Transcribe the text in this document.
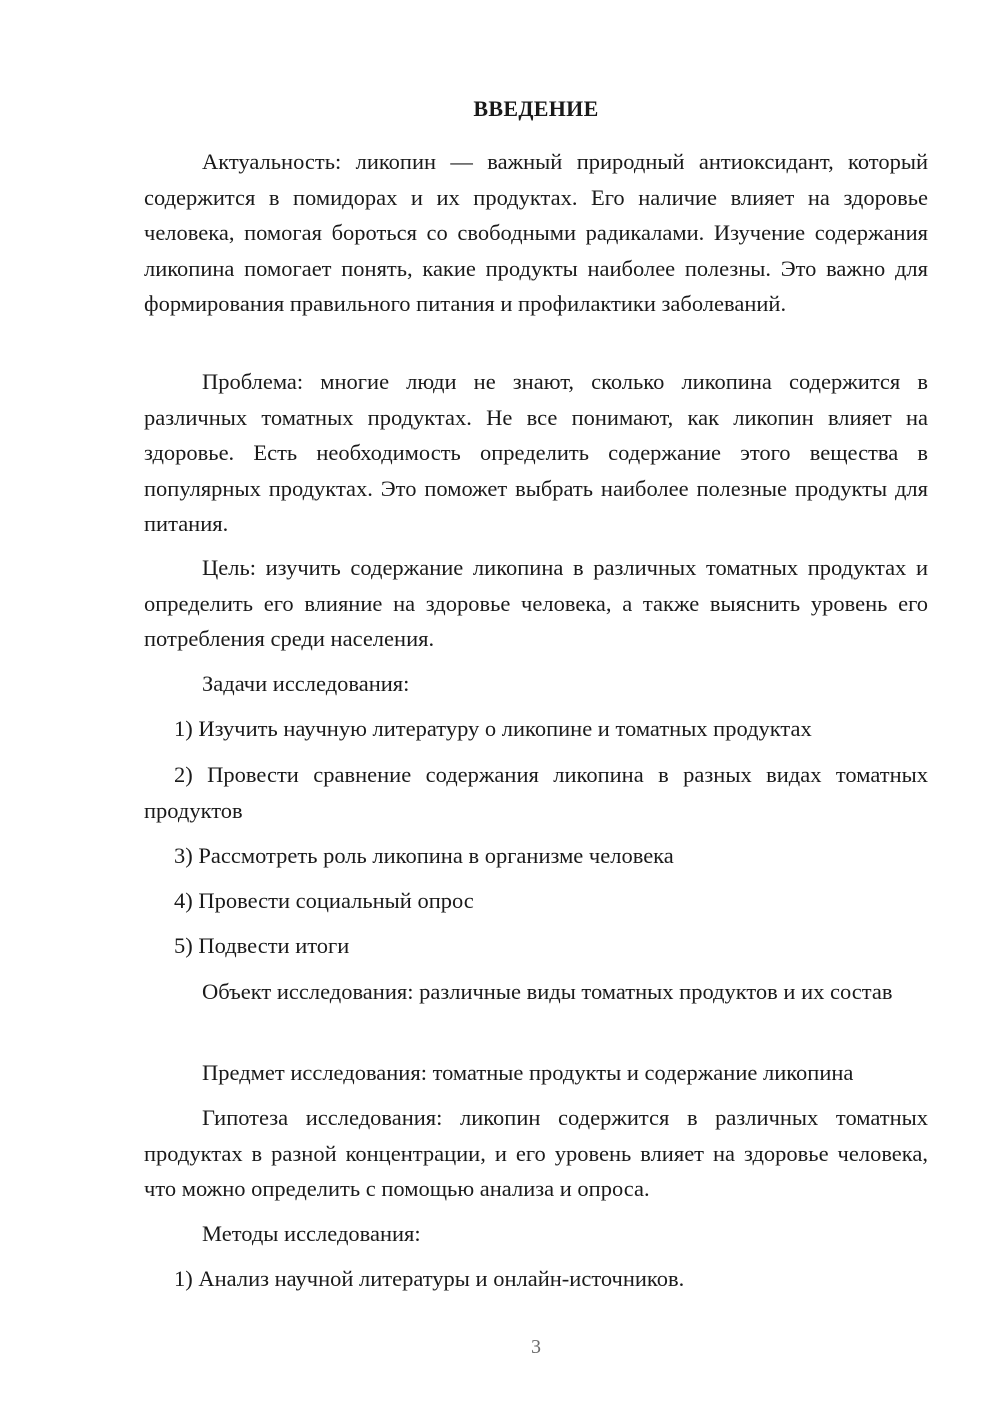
ВВЕДЕНИЕ

Актуальность: ликопин — важный природный антиоксидант, который содержится в помидорах и их продуктах. Его наличие влияет на здоровье человека, помогая бороться со свободными радикалами. Изучение содержания ликопина помогает понять, какие продукты наиболее полезны. Это важно для формирования правильного питания и профилактики заболеваний.

Проблема: многие люди не знают, сколько ликопина содержится в различных томатных продуктах. Не все понимают, как ликопин влияет на здоровье. Есть необходимость определить содержание этого вещества в популярных продуктах. Это поможет выбрать наиболее полезные продукты для питания.

Цель: изучить содержание ликопина в различных томатных продуктах и определить его влияние на здоровье человека, а также выяснить уровень его потребления среди населения.

Задачи исследования:

1) Изучить научную литературу о ликопине и томатных продуктах

2) Провести сравнение содержания ликопина в разных видах томатных продуктов

3) Рассмотреть роль ликопина в организме человека

4) Провести социальный опрос

5) Подвести итоги

Объект исследования: различные виды томатных продуктов и их состав

Предмет исследования: томатные продукты и содержание ликопина

Гипотеза исследования: ликопин содержится в различных томатных продуктах в разной концентрации, и его уровень влияет на здоровье человека, что можно определить с помощью анализа и опроса.

Методы исследования:

1) Анализ научной литературы и онлайн-источников.

3
